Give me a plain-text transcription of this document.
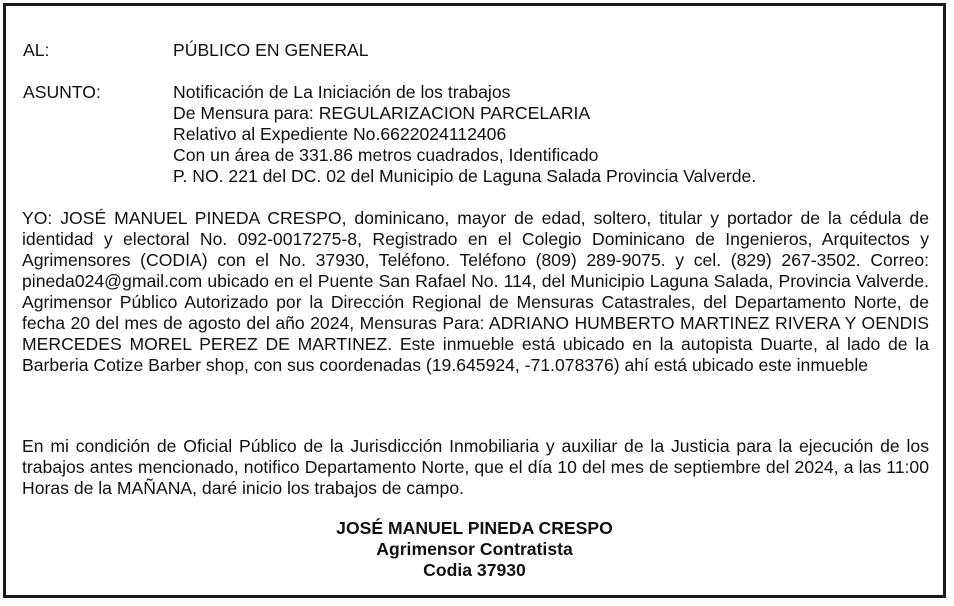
AL:	PÚBLICO EN GENERAL
ASUNTO:	Notificación de La Iniciación de los trabajos
De Mensura para: REGULARIZACION PARCELARIA
Relativo al Expediente No.6622024112406
Con un área de 331.86 metros cuadrados, Identificado
P. NO. 221 del DC. 02 del Municipio de Laguna Salada Provincia Valverde.

YO: JOSÉ MANUEL PINEDA CRESPO, dominicano, mayor de edad, soltero, titular y portador de la cédula de identidad y electoral No. 092-0017275-8, Registrado en el Colegio Dominicano de Ingenieros, Arquitectos y Agrimensores (CODIA) con el No. 37930, Teléfono. Teléfono (809) 289-9075. y cel. (829) 267-3502. Correo: pineda024@gmail.com ubicado en el Puente San Rafael No. 114, del Municipio Laguna Salada, Provincia Valverde. Agrimensor Público Autorizado por la Dirección Regional de Mensuras Catastrales, del Departamento Norte, de fecha 20 del mes de agosto del año 2024, Mensuras Para: ADRIANO HUMBERTO MARTINEZ RIVERA Y OENDIS MERCEDES MOREL PEREZ DE MARTINEZ. Este inmueble está ubicado en la autopista Duarte, al lado de la Barberia Cotize Barber shop, con sus coordenadas (19.645924, -71.078376) ahí está ubicado este inmueble

En mi condición de Oficial Público de la Jurisdicción Inmobiliaria y auxiliar de la Justicia para la ejecución de los trabajos antes mencionado, notifico Departamento Norte, que el día 10 del mes de septiembre del 2024, a las 11:00 Horas de la MAÑANA, daré inicio los trabajos de campo.

JOSÉ MANUEL PINEDA CRESPO
Agrimensor Contratista
Codia 37930
